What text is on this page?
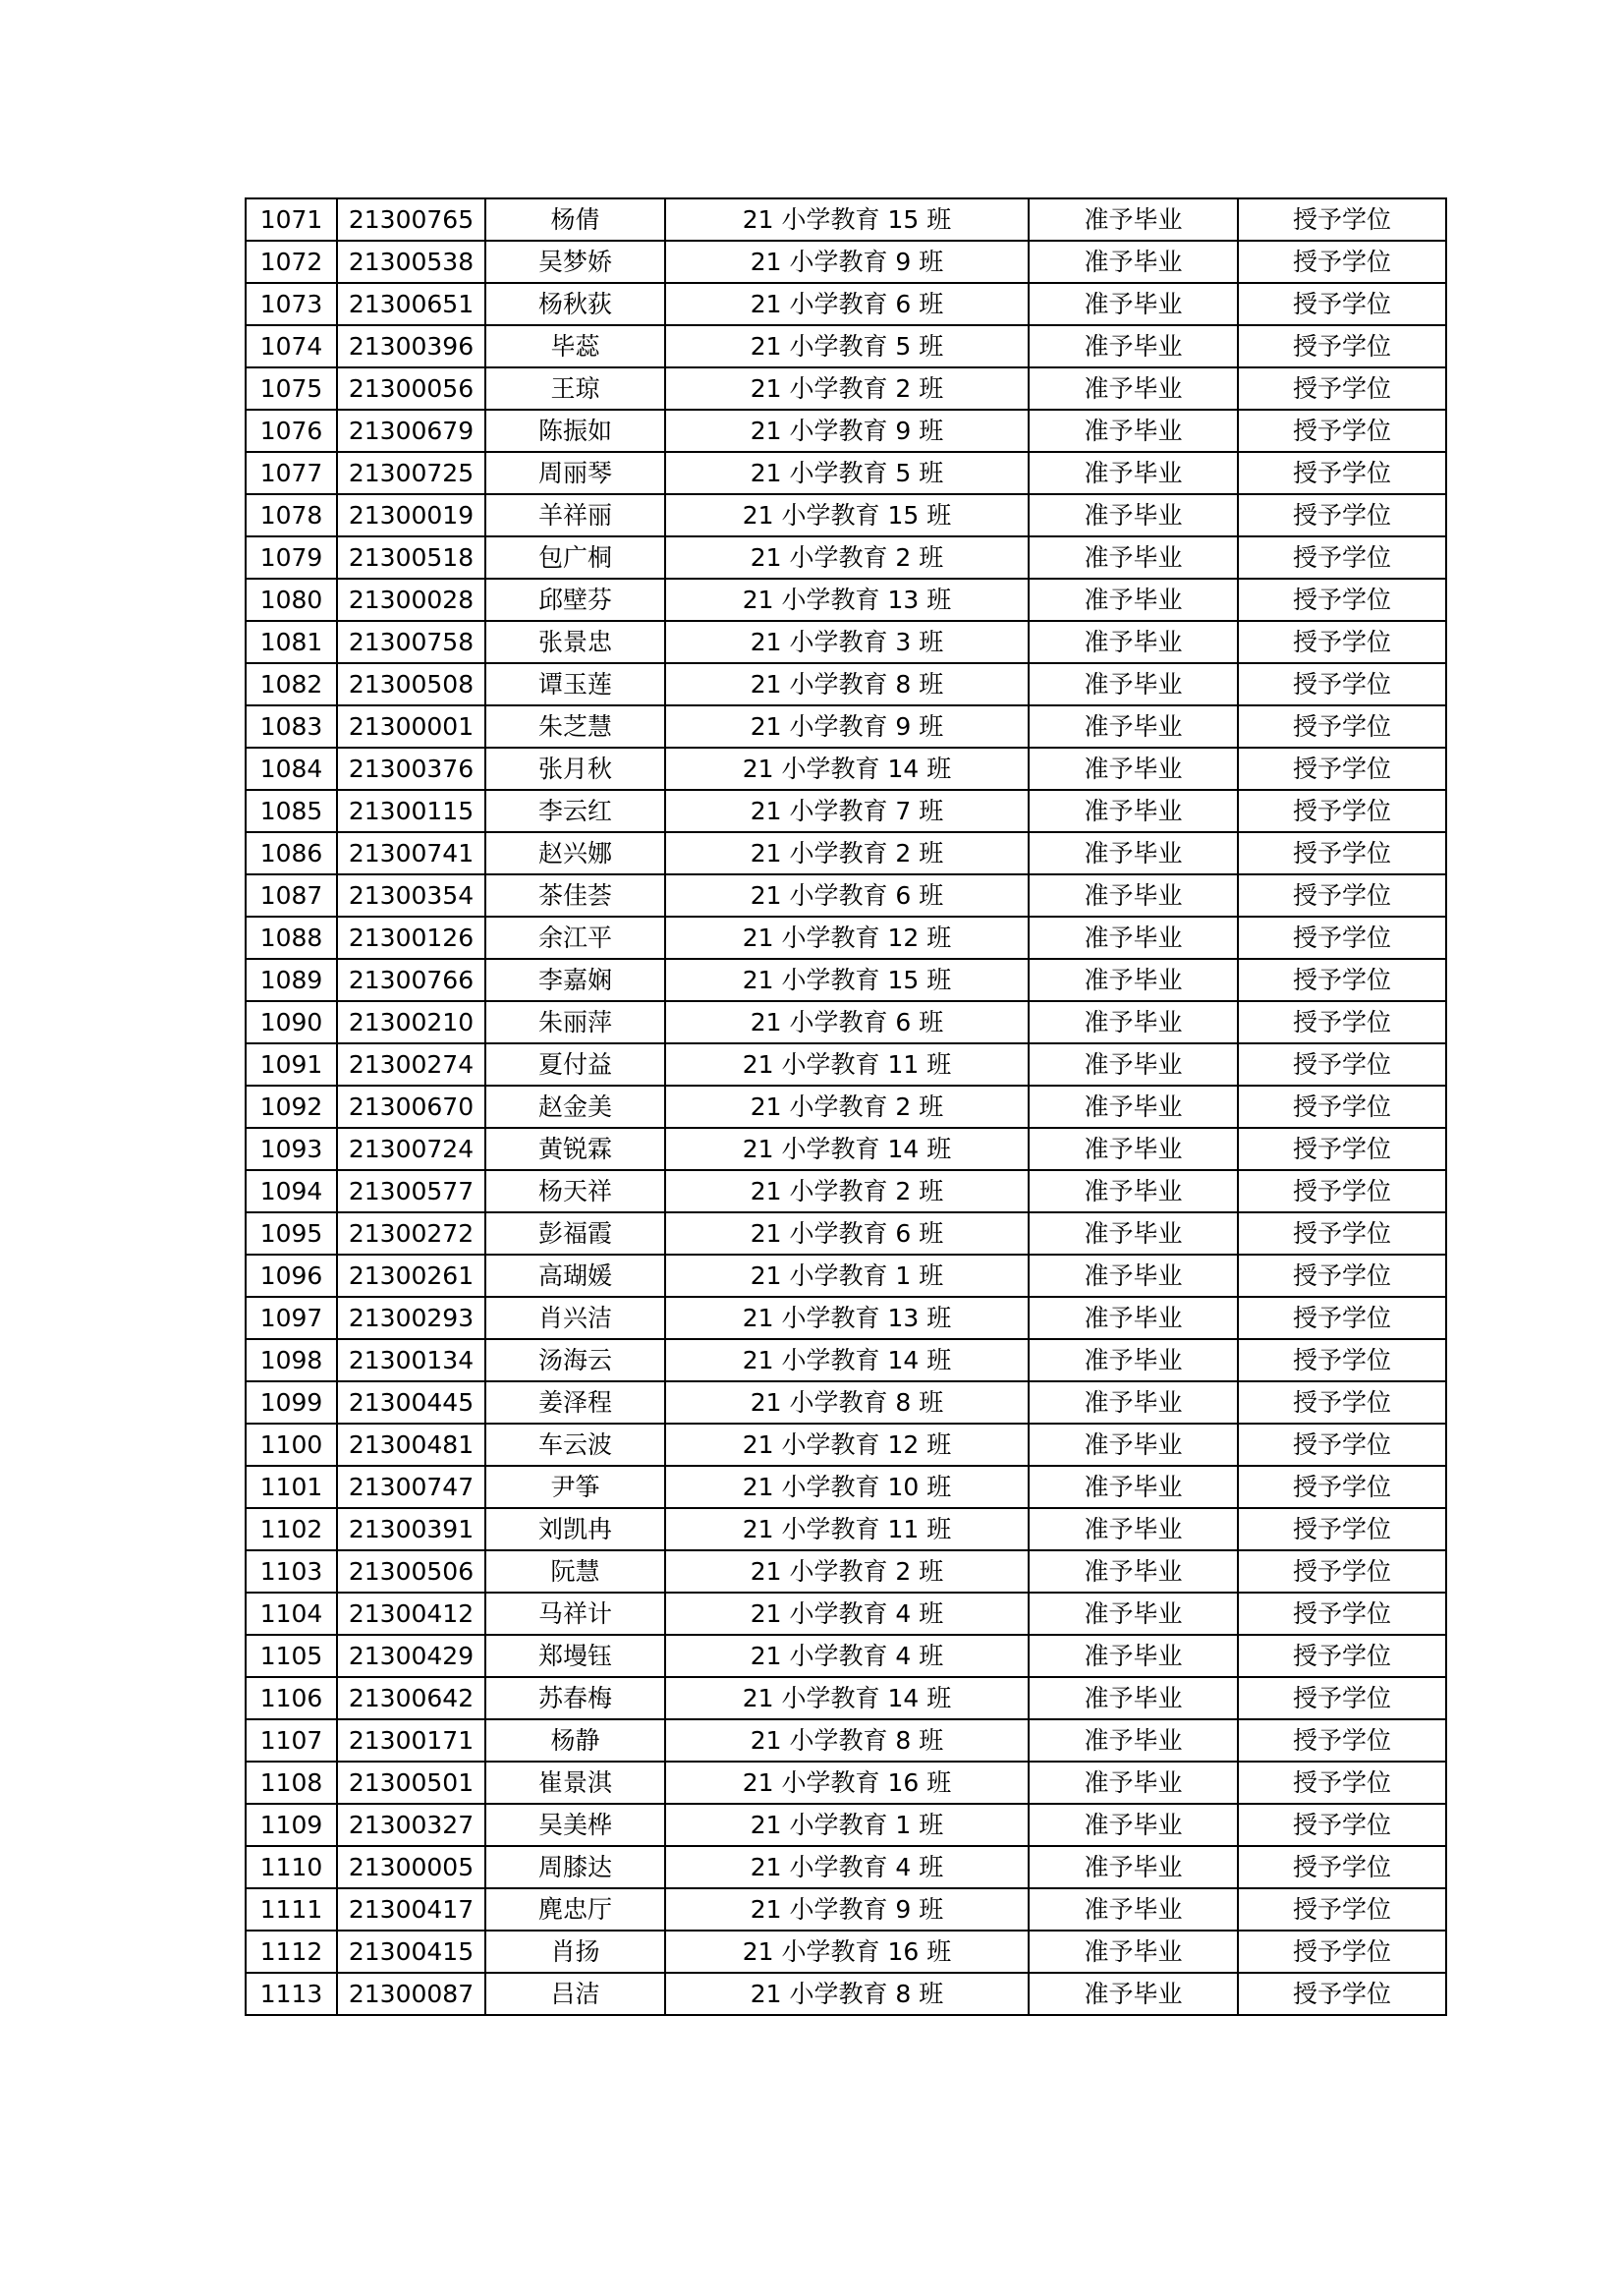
1071	21300765	杨倩	21 小学教育 15 班	准予毕业	授予学位
1072	21300538	吴梦娇	21 小学教育 9 班	准予毕业	授予学位
1073	21300651	杨秋荻	21 小学教育 6 班	准予毕业	授予学位
1074	21300396	毕蕊	21 小学教育 5 班	准予毕业	授予学位
1075	21300056	王琼	21 小学教育 2 班	准予毕业	授予学位
1076	21300679	陈振如	21 小学教育 9 班	准予毕业	授予学位
1077	21300725	周丽琴	21 小学教育 5 班	准予毕业	授予学位
1078	21300019	羊祥丽	21 小学教育 15 班	准予毕业	授予学位
1079	21300518	包广桐	21 小学教育 2 班	准予毕业	授予学位
1080	21300028	邱壁芬	21 小学教育 13 班	准予毕业	授予学位
1081	21300758	张景忠	21 小学教育 3 班	准予毕业	授予学位
1082	21300508	谭玉莲	21 小学教育 8 班	准予毕业	授予学位
1083	21300001	朱芝慧	21 小学教育 9 班	准予毕业	授予学位
1084	21300376	张月秋	21 小学教育 14 班	准予毕业	授予学位
1085	21300115	李云红	21 小学教育 7 班	准予毕业	授予学位
1086	21300741	赵兴娜	21 小学教育 2 班	准予毕业	授予学位
1087	21300354	茶佳荟	21 小学教育 6 班	准予毕业	授予学位
1088	21300126	余江平	21 小学教育 12 班	准予毕业	授予学位
1089	21300766	李嘉娴	21 小学教育 15 班	准予毕业	授予学位
1090	21300210	朱丽萍	21 小学教育 6 班	准予毕业	授予学位
1091	21300274	夏付益	21 小学教育 11 班	准予毕业	授予学位
1092	21300670	赵金美	21 小学教育 2 班	准予毕业	授予学位
1093	21300724	黄锐霖	21 小学教育 14 班	准予毕业	授予学位
1094	21300577	杨天祥	21 小学教育 2 班	准予毕业	授予学位
1095	21300272	彭福霞	21 小学教育 6 班	准予毕业	授予学位
1096	21300261	高瑚媛	21 小学教育 1 班	准予毕业	授予学位
1097	21300293	肖兴洁	21 小学教育 13 班	准予毕业	授予学位
1098	21300134	汤海云	21 小学教育 14 班	准予毕业	授予学位
1099	21300445	姜泽程	21 小学教育 8 班	准予毕业	授予学位
1100	21300481	车云波	21 小学教育 12 班	准予毕业	授予学位
1101	21300747	尹筝	21 小学教育 10 班	准予毕业	授予学位
1102	21300391	刘凯冉	21 小学教育 11 班	准予毕业	授予学位
1103	21300506	阮慧	21 小学教育 2 班	准予毕业	授予学位
1104	21300412	马祥计	21 小学教育 4 班	准予毕业	授予学位
1105	21300429	郑墁钰	21 小学教育 4 班	准予毕业	授予学位
1106	21300642	苏春梅	21 小学教育 14 班	准予毕业	授予学位
1107	21300171	杨静	21 小学教育 8 班	准予毕业	授予学位
1108	21300501	崔景淇	21 小学教育 16 班	准予毕业	授予学位
1109	21300327	吴美桦	21 小学教育 1 班	准予毕业	授予学位
1110	21300005	周膝达	21 小学教育 4 班	准予毕业	授予学位
1111	21300417	麂忠厅	21 小学教育 9 班	准予毕业	授予学位
1112	21300415	肖扬	21 小学教育 16 班	准予毕业	授予学位
1113	21300087	吕洁	21 小学教育 8 班	准予毕业	授予学位
